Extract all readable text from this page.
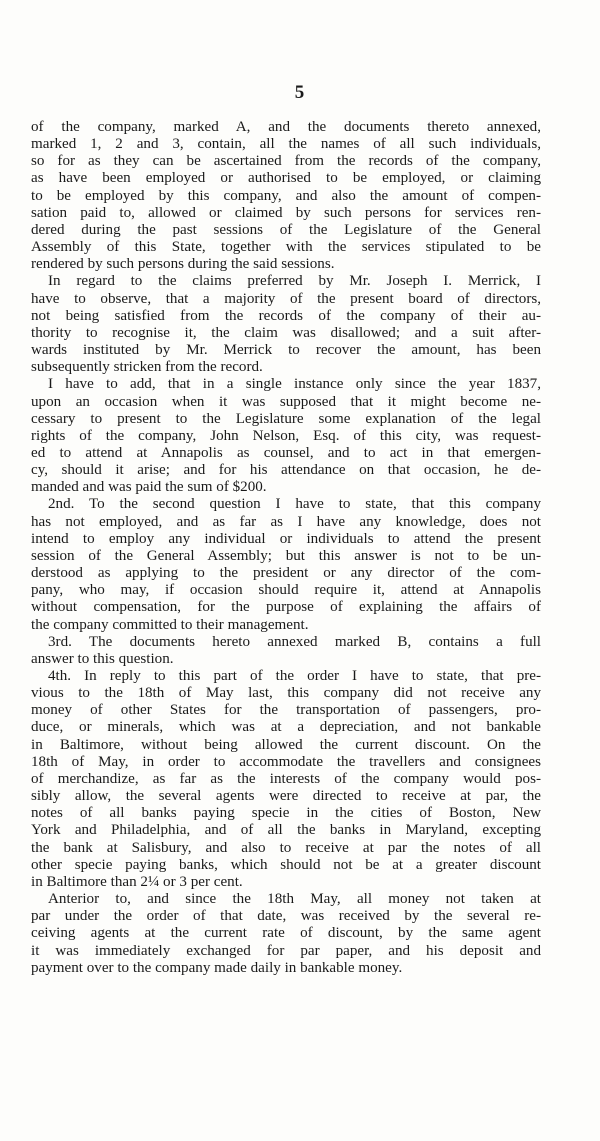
5
of the company, marked A, and the documents thereto annexed,
marked 1, 2 and 3, contain, all the names of all such individuals,
so for as they can be ascertained from the records of the company,
as have been employed or authorised to be employed, or claiming
to be employed by this company, and also the amount of compen-
sation paid to, allowed or claimed by such persons for services ren-
dered during the past sessions of the Legislature of the General
Assembly of this State, together with the services stipulated to be
rendered by such persons during the said sessions.
In regard to the claims preferred by Mr. Joseph I. Merrick, I
have to observe, that a majority of the present board of directors,
not being satisfied from the records of the company of their au-
thority to recognise it, the claim was disallowed; and a suit after-
wards instituted by Mr. Merrick to recover the amount, has been
subsequently stricken from the record.
I have to add, that in a single instance only since the year 1837,
upon an occasion when it was supposed that it might become ne-
cessary to present to the Legislature some explanation of the legal
rights of the company, John Nelson, Esq. of this city, was request-
ed to attend at Annapolis as counsel, and to act in that emergen-
cy, should it arise; and for his attendance on that occasion, he de-
manded and was paid the sum of $200.
2nd. To the second question I have to state, that this company
has not employed, and as far as I have any knowledge, does not
intend to employ any individual or individuals to attend the present
session of the General Assembly; but this answer is not to be un-
derstood as applying to the president or any director of the com-
pany, who may, if occasion should require it, attend at Annapolis
without compensation, for the purpose of explaining the affairs of
the company committed to their management.
3rd. The documents hereto annexed marked B, contains a full
answer to this question.
4th. In reply to this part of the order I have to state, that pre-
vious to the 18th of May last, this company did not receive any
money of other States for the transportation of passengers, pro-
duce, or minerals, which was at a depreciation, and not bankable
in Baltimore, without being allowed the current discount. On the
18th of May, in order to accommodate the travellers and consignees
of merchandize, as far as the interests of the company would pos-
sibly allow, the several agents were directed to receive at par, the
notes of all banks paying specie in the cities of Boston, New
York and Philadelphia, and of all the banks in Maryland, excepting
the bank at Salisbury, and also to receive at par the notes of all
other specie paying banks, which should not be at a greater discount
in Baltimore than 2¼ or 3 per cent.
Anterior to, and since the 18th May, all money not taken at
par under the order of that date, was received by the several re-
ceiving agents at the current rate of discount, by the same agent
it was immediately exchanged for par paper, and his deposit and
payment over to the company made daily in bankable money.
